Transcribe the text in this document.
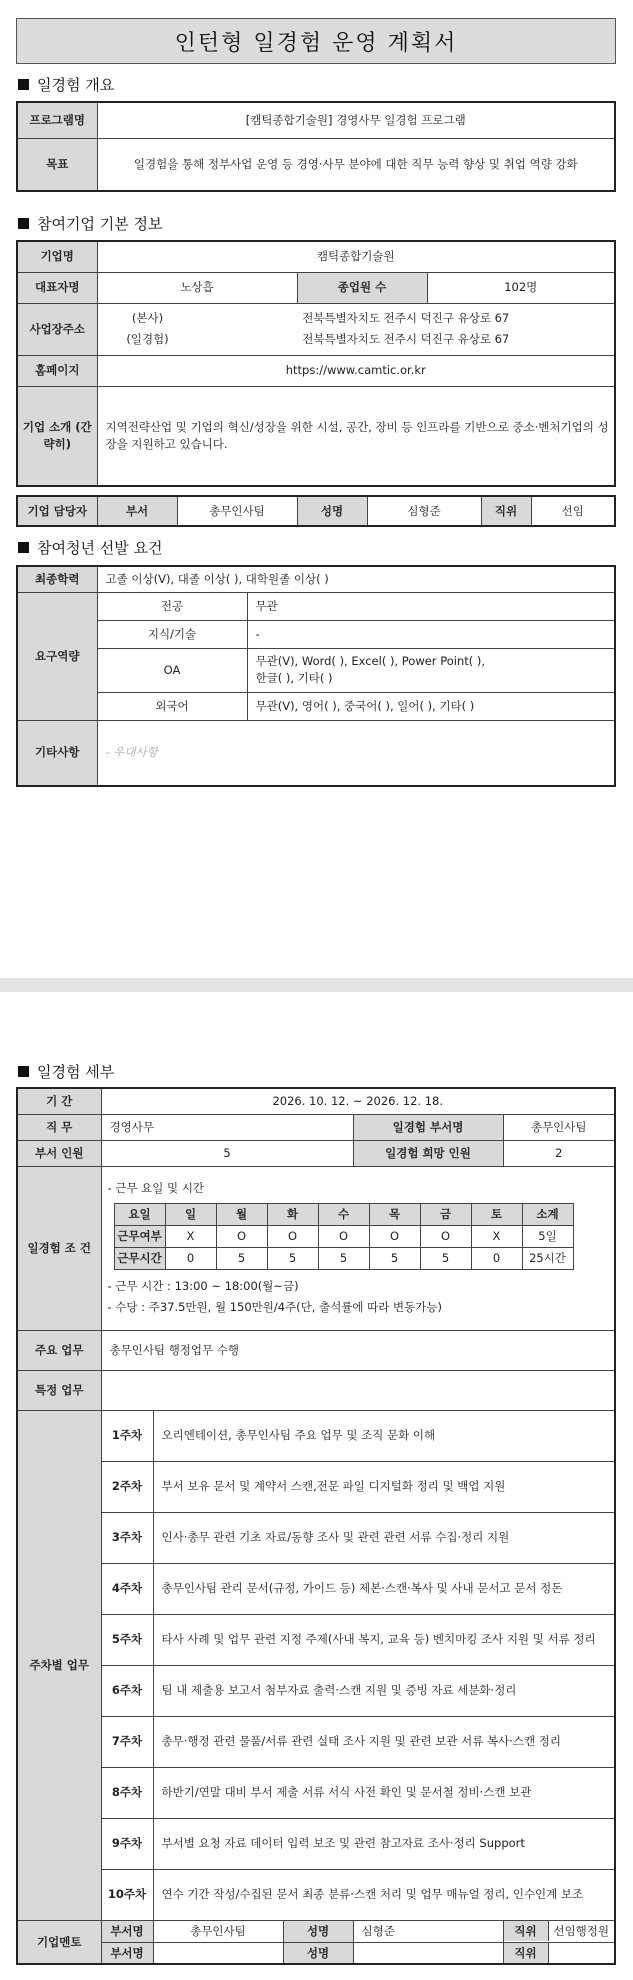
인턴형 일경험 운영 계획서
일경험 개요
프로그램명	[캠틱종합기술원] 경영사무 일경험 프로그램
목표	일경험을 통해 정부사업 운영 등 경영·사무 분야에 대한 직무 능력 향상 및 취업 역량 강화
참여기업 기본 정보
기업명	캠틱종합기술원		
대표자명	노상흡	종업원 수	102명
사업장주소	(본사) 전북특별자치도 전주시 덕진구 유상로 67
(일경험) 전북특별자치도 전주시 덕진구 유상로 67		

홈페이지	https://www.camtic.or.kr		
기업 소개 (간략히)	지역전략산업 및 기업의 혁신/성장을 위한 시설, 공간, 장비 등 인프라를 기반으로 중소·벤처기업의 성장을 지원하고 있습니다.		
기업 담당자	부서	총무인사팀	성명	심형준	직위	선임
참여청년 선발 요건
최종학력	고졸 이상(V), 대졸 이상( ), 대학원졸 이상( )	
요구역량	전공	무관
	지식/기술	-
	OA	무관(V), Word( ), Excel( ), Power Point( ),
한글( ), 기타( )

	외국어	무관(V), 영어( ), 중국어( ), 일어( ), 기타( )
기타사항	- 우대사항	
일경험 세부
기 간	2026. 10. 12. ~ 2026. 12. 18.
직 무	경영사무	일경험 부서명	총무인사팀
부서 인원	5	일경험 희망 인원	2
일경험 조 건	
- 근무 요일 및 시간
요일	일	월	화	수	목	금	토	소계
근무여부	X	O	O	O	O	O	X	5일
근무시간	0	5	5	5	5	5	0	25시간
- 근무 시간 : 13:00 ~ 18:00(월~금)
- 수당 : 주37.5만원, 월 150만원/4주(단, 출석률에 따라 변동가능)

주요 업무	총무인사팀 행정업무 수행
특정 업무	
주차별 업무	1주차	오리엔테이션, 총무인사팀 주요 업무 및 조직 문화 이해
2주차	부서 보유 문서 및 계약서 스캔,전문 파일 디지털화 정리 및 백업 지원
3주차	인사·총무 관련 기초 자료/동향 조사 및 관련 관련 서류 수집·정리 지원
4주차	총무인사팀 관리 문서(규정, 가이드 등) 제본·스캔·복사 및 사내 문서고 문서 정돈
5주차	타사 사례 및 업무 관련 지정 주제(사내 복지, 교육 등) 벤치마킹 조사 지원 및 서류 정리
6주차	팀 내 제출용 보고서 첨부자료 출력·스캔 지원 및 증빙 자료 세분화·정리
7주차	총무·행정 관련 물품/서류 관련 실태 조사 지원 및 관련 보관 서류 복사·스캔 정리
8주차	하반기/연말 대비 부서 제출 서류 서식 사전 확인 및 문서철 정비·스캔 보관
9주차	부서별 요청 자료 데이터 입력 보조 및 관련 참고자료 조사·정리 Support
10주차	연수 기간 작성/수집된 문서 최종 분류·스캔 처리 및 업무 매뉴얼 정리, 인수인계 보조
기업멘토	부서명	총무인사팀	성명	심형준	직위	선임행정원

부서명		성명		직위
